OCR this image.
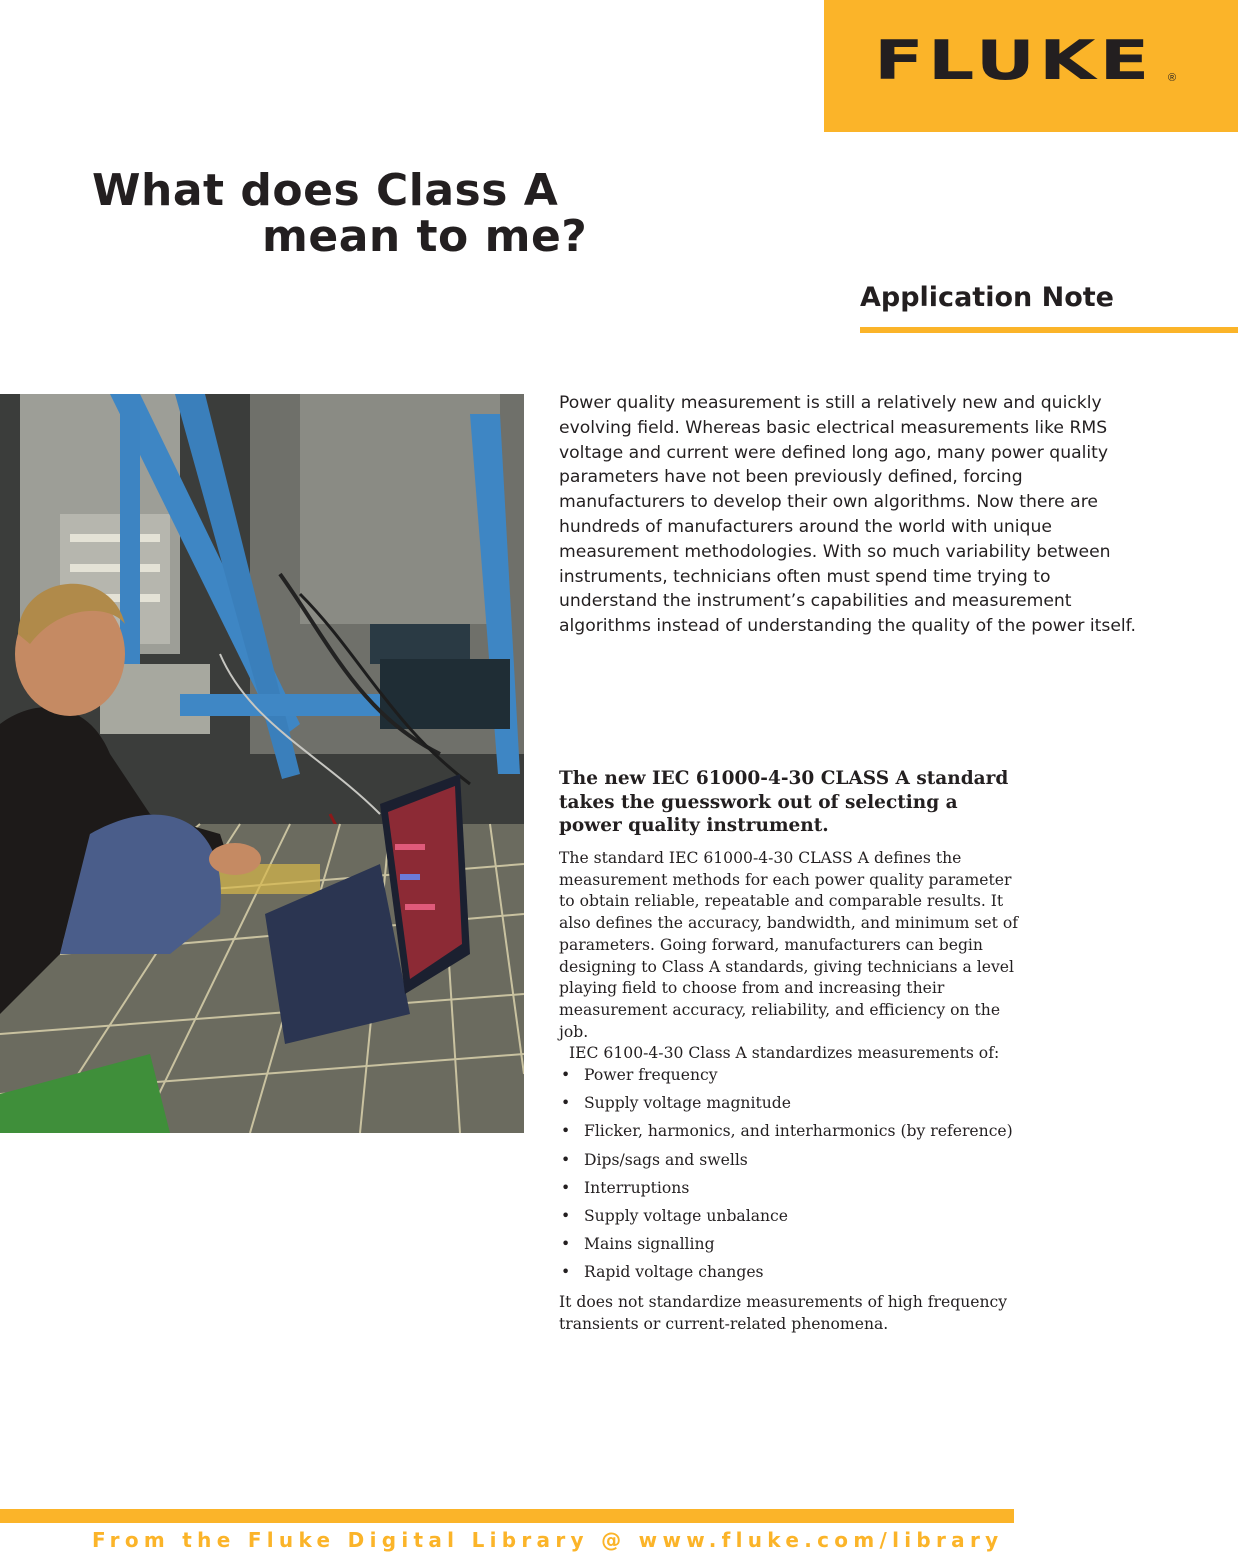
FLUKE ®
What does Class A
mean to me?
Application Note

Power quality measurement is still a relatively new and quickly evolving field. Whereas basic electrical measurements like RMS voltage and current were defined long ago, many power quality parameters have not been previously defined, forcing manufacturers to develop their own algorithms. Now there are hundreds of manufacturers around the world with unique measurement methodologies. With so much variability between instruments, technicians often must spend time trying to understand the instrument’s capabilities and measurement algorithms instead of understanding the quality of the power itself.

The new IEC 61000-4-30 CLASS A standard takes the guesswork out of selecting a power quality instrument.

The standard IEC 61000-4-30 CLASS A defines the measurement methods for each power quality parameter to obtain reliable, repeatable and comparable results. It also defines the accuracy, bandwidth, and minimum set of parameters. Going forward, manufacturers can begin designing to Class A standards, giving technicians a level playing field to choose from and increasing their measurement accuracy, reliability, and efficiency on the job.

IEC 6100-4-30 Class A standardizes measurements of:

• Power frequency
• Supply voltage magnitude
• Flicker, harmonics, and interharmonics (by reference)
• Dips/sags and swells
• Interruptions
• Supply voltage unbalance
• Mains signalling
• Rapid voltage changes

It does not standardize measurements of high frequency transients or current-related phenomena.

From the Fluke Digital Library @ www.fluke.com/library
